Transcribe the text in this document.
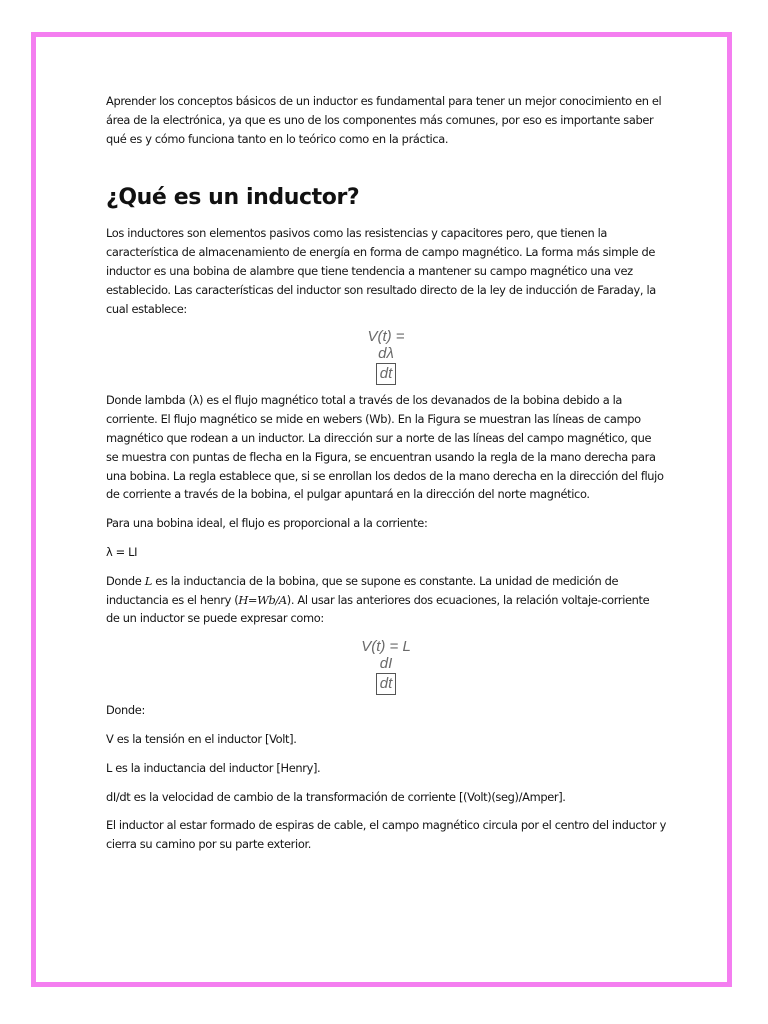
Aprender los conceptos básicos de un inductor es fundamental para tener un mejor conocimiento en el área de la electrónica, ya que es uno de los componentes más comunes, por eso es importante saber qué es y cómo funciona tanto en lo teórico como en la práctica.

¿Qué es un inductor?

Los inductores son elementos pasivos como las resistencias y capacitores pero, que tienen la característica de almacenamiento de energía en forma de campo magnético. La forma más simple de inductor es una bobina de alambre que tiene tendencia a mantener su campo magnético una vez establecido. Las características del inductor son resultado directo de la ley de inducción de Faraday, la cual establece:

V(t) =
dλ
dt

Donde lambda (λ) es el flujo magnético total a través de los devanados de la bobina debido a la corriente. El flujo magnético se mide en webers (Wb). En la Figura se muestran las líneas de campo magnético que rodean a un inductor. La dirección sur a norte de las líneas del campo magnético, que se muestra con puntas de flecha en la Figura, se encuentran usando la regla de la mano derecha para una bobina. La regla establece que, si se enrollan los dedos de la mano derecha en la dirección del flujo de corriente a través de la bobina, el pulgar apuntará en la dirección del norte magnético.

Para una bobina ideal, el flujo es proporcional a la corriente:

λ = LI

Donde L es la inductancia de la bobina, que se supone es constante. La unidad de medición de inductancia es el henry (H=Wb/A). Al usar las anteriores dos ecuaciones, la relación voltaje-corriente de un inductor se puede expresar como:

V(t) = L
dI
dt

Donde:

V es la tensión en el inductor [Volt].

L es la inductancia del inductor [Henry].

dI/dt es la velocidad de cambio de la transformación de corriente [(Volt)(seg)/Amper].

El inductor al estar formado de espiras de cable, el campo magnético circula por el centro del inductor y cierra su camino por su parte exterior.
